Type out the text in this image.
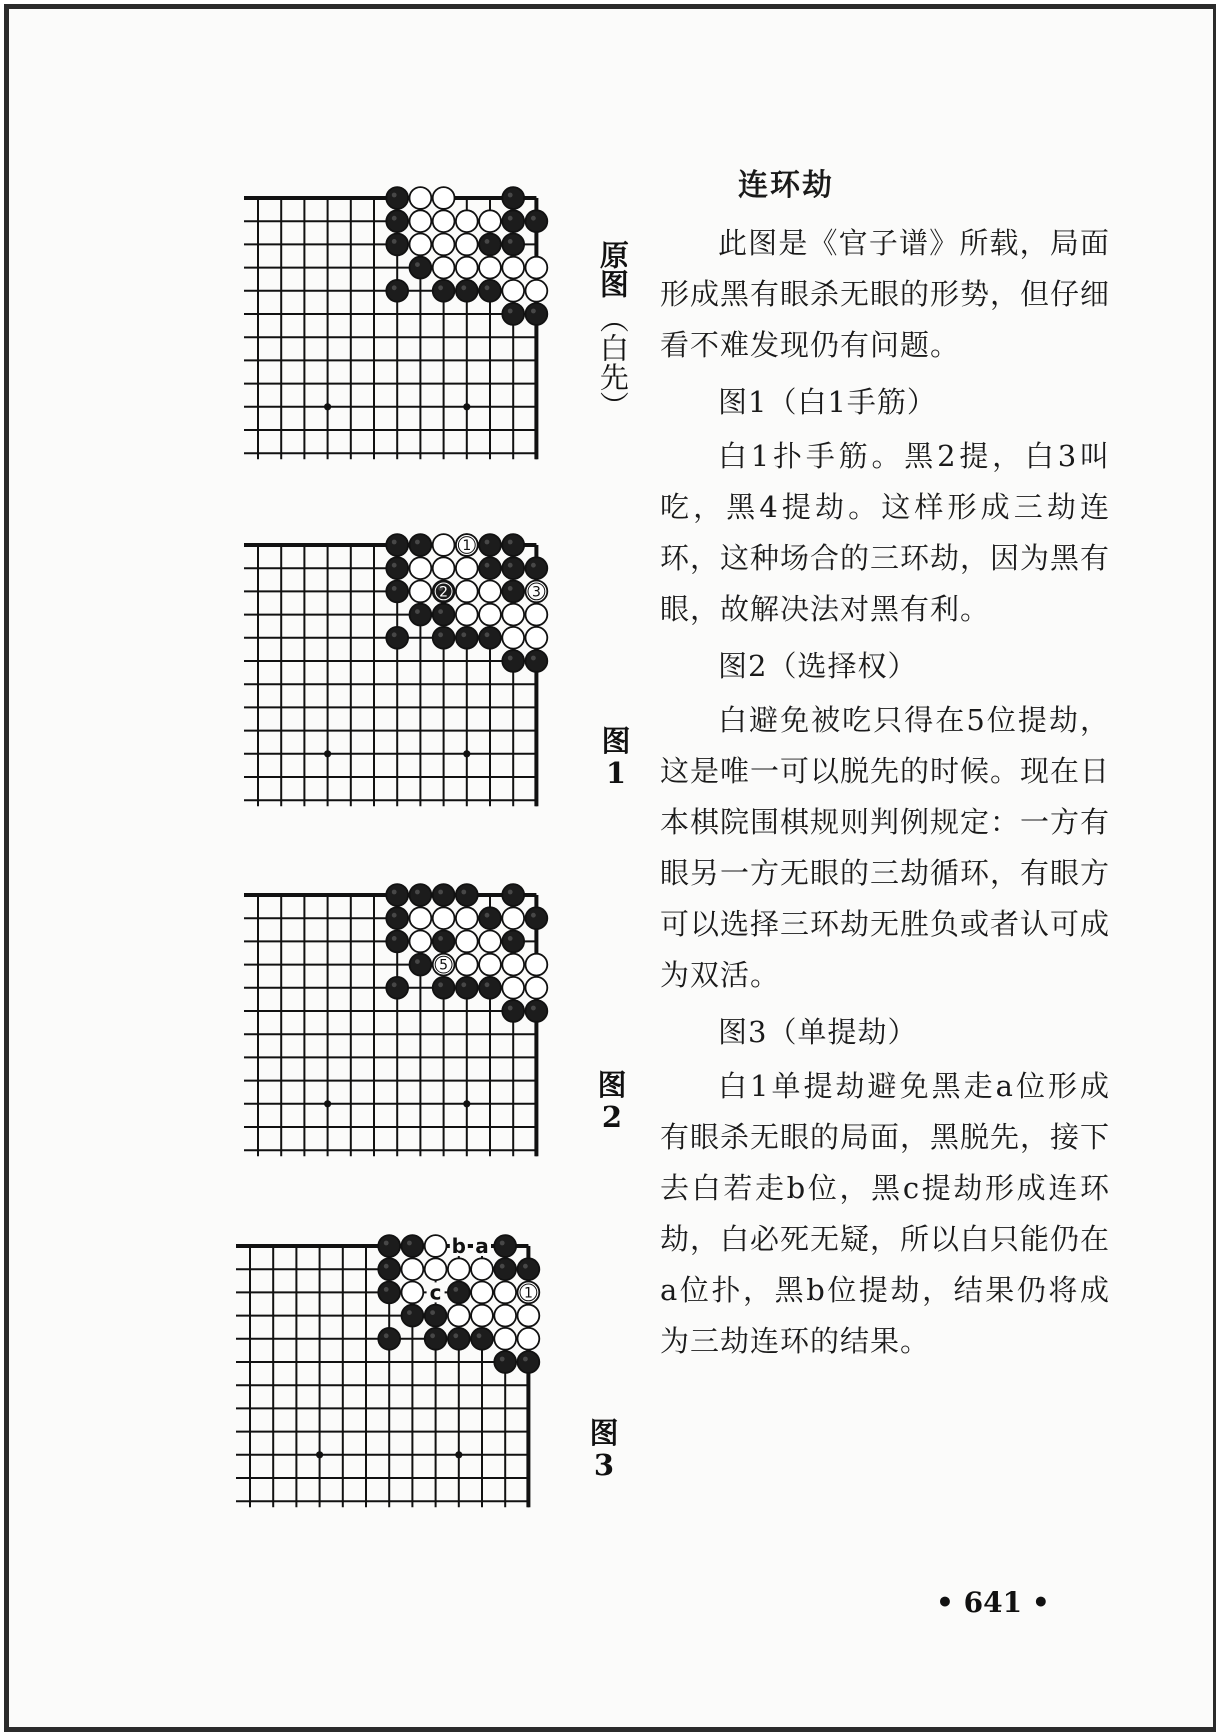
原图
（白先）
1
2	3
图
1
5
图
2
1
b a
c
图
3

连环劫

此图是《官子谱》所载，局面形成黑有眼杀无眼的形势，但仔细看不难发现仍有问题。

图1（白1手筋）

白1扑手筋。黑2提，白3叫吃，黑4提劫。这样形成三劫连环，这种场合的三环劫，因为黑有眼，故解决法对黑有利。

图2（选择权）

白避免被吃只得在5位提劫，这是唯一可以脱先的时候。现在日本棋院围棋规则判例规定：一方有眼另一方无眼的三劫循环，有眼方可以选择三环劫无胜负或者认可成为双活。

图3（单提劫）

白1单提劫避免黑走a位形成有眼杀无眼的局面，黑脱先，接下去白若走b位，黑c提劫形成连环劫，白必死无疑，所以白只能仍在a位扑，黑b位提劫，结果仍将成为三劫连环的结果。

• 641 •
